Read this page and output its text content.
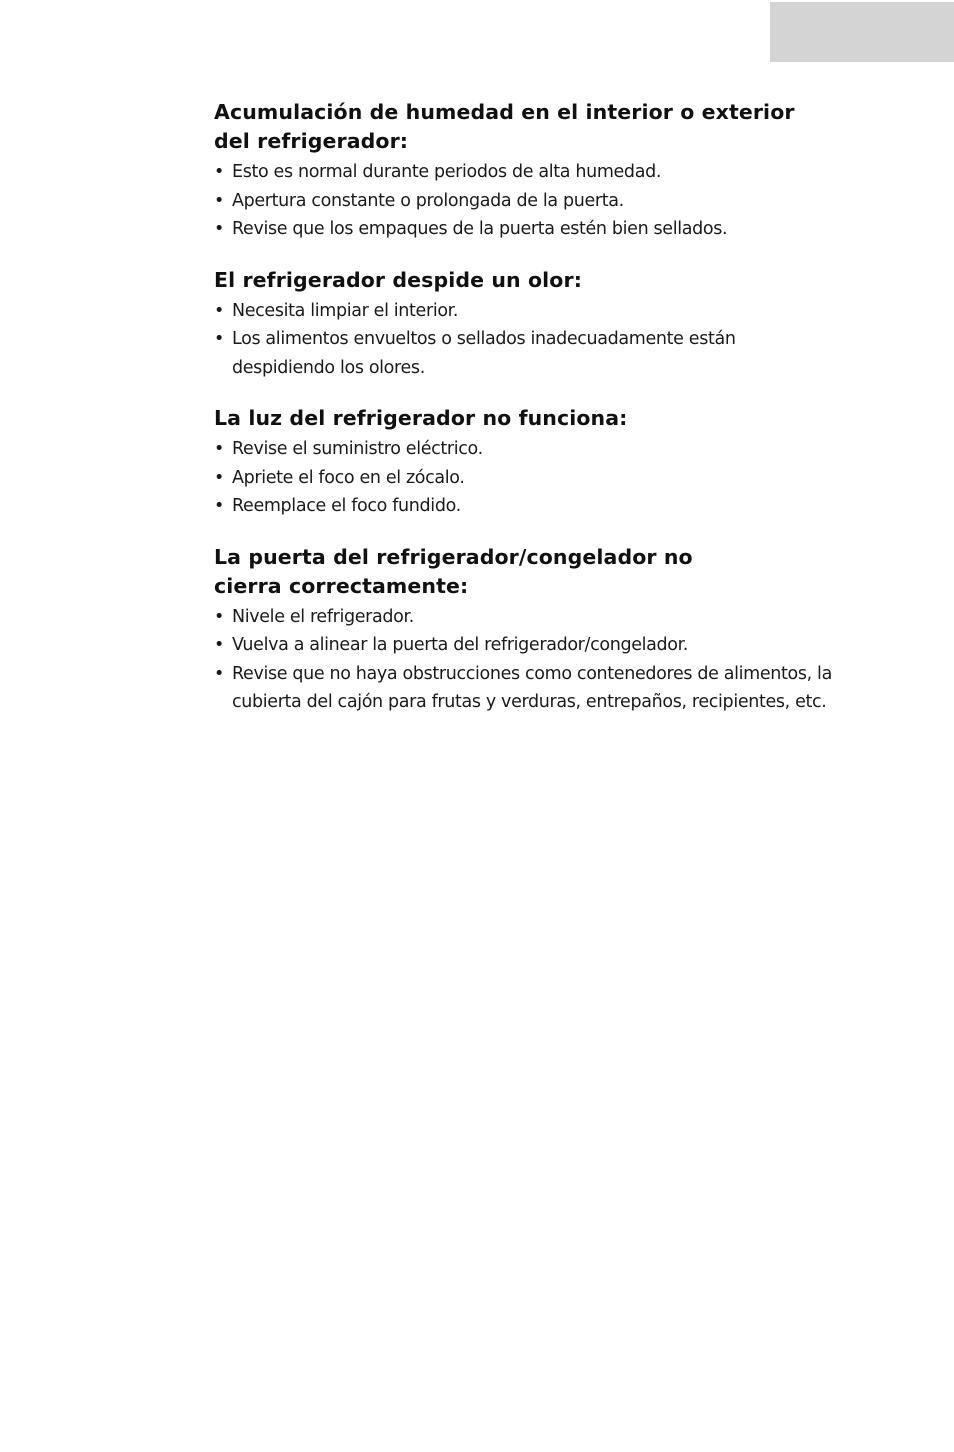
Acumulación de humedad en el interior o exterior del refrigerador:
• Esto es normal durante periodos de alta humedad.
• Apertura constante o prolongada de la puerta.
• Revise que los empaques de la puerta estén bien sellados.
El refrigerador despide un olor:
• Necesita limpiar el interior.
• Los alimentos envueltos o sellados inadecuadamente están despidiendo los olores.
La luz del refrigerador no funciona:
• Revise el suministro eléctrico.
• Apriete el foco en el zócalo.
• Reemplace el foco fundido.
La puerta del refrigerador/congelador no cierra correctamente:
• Nivele el refrigerador.
• Vuelva a alinear la puerta del refrigerador/congelador.
• Revise que no haya obstrucciones como contenedores de alimentos, la cubierta del cajón para frutas y verduras, entrepaños, recipientes, etc.
